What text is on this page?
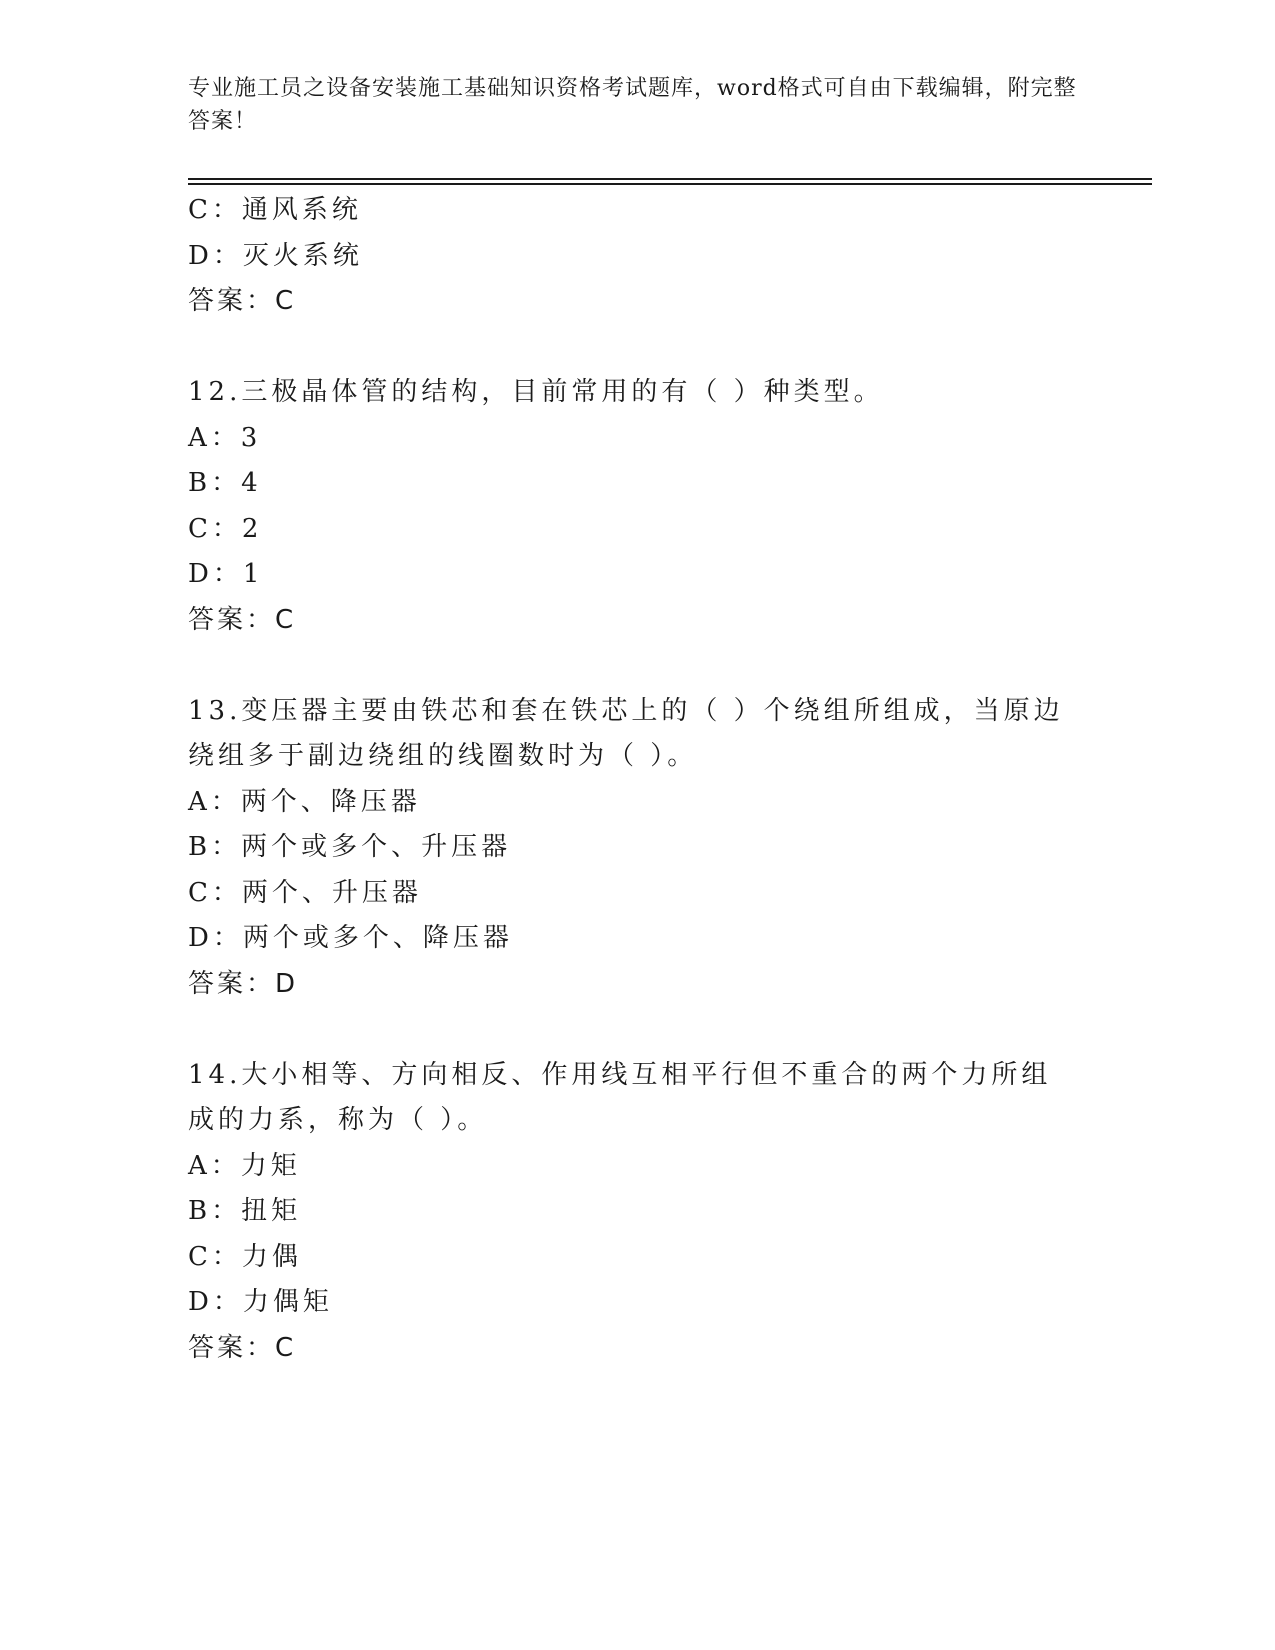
专业施工员之设备安装施工基础知识资格考试题库，word格式可自由下载编辑，附完整答案！
C：通风系统
D：灭火系统
答案：C
12.三极晶体管的结构，目前常用的有（ ）种类型。
A：3
B：4
C：2
D：1
答案：C
13.变压器主要由铁芯和套在铁芯上的（ ）个绕组所组成，当原边绕组多于副边绕组的线圈数时为（ ）。
A：两个、降压器
B：两个或多个、升压器
C：两个、升压器
D：两个或多个、降压器
答案：D
14.大小相等、方向相反、作用线互相平行但不重合的两个力所组成的力系，称为（ ）。
A：力矩
B：扭矩
C：力偶
D：力偶矩
答案：C
